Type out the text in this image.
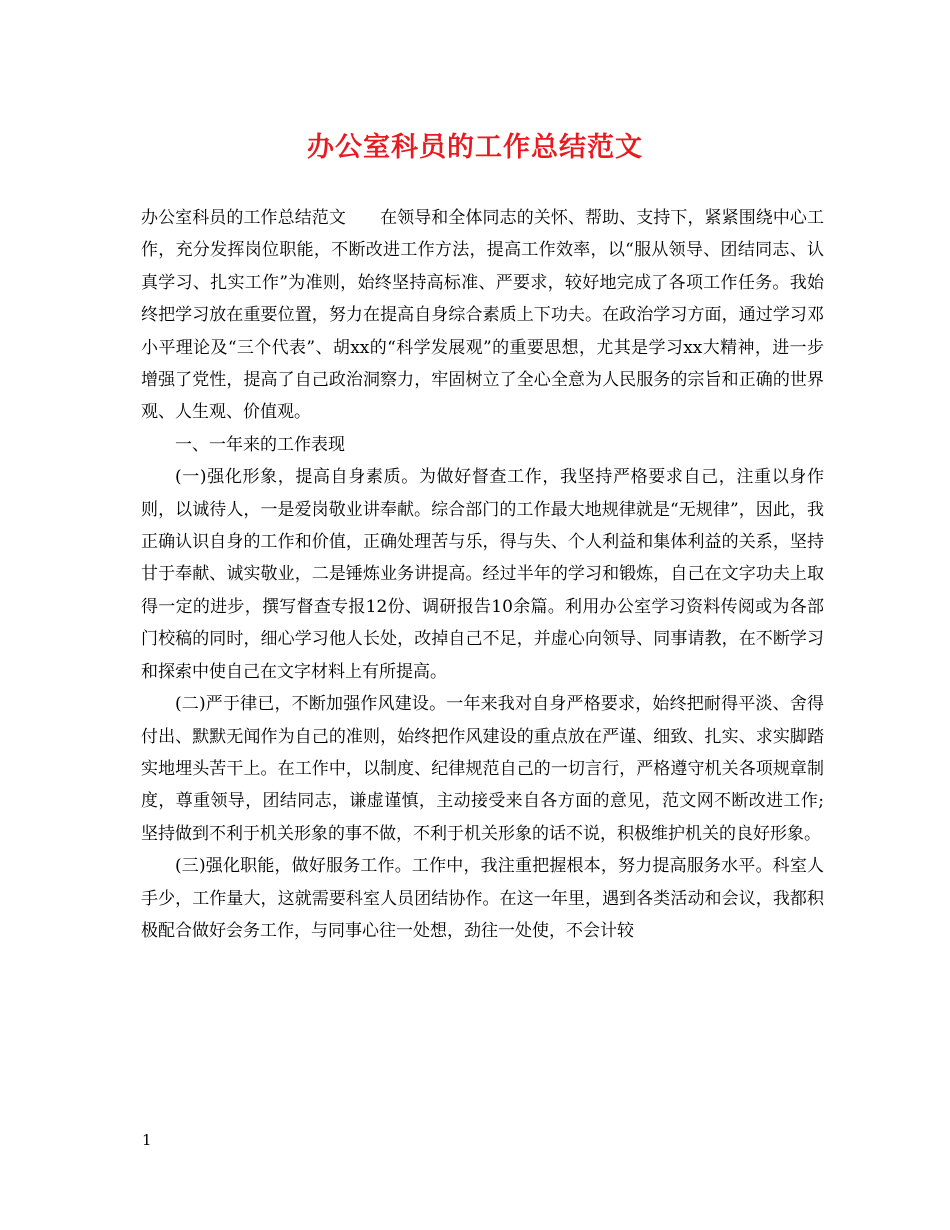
办公室科员的工作总结范文

办公室科员的工作总结范文　　在领导和全体同志的关怀、帮助、支持下，紧紧围绕中心工作，充分发挥岗位职能，不断改进工作方法，提高工作效率，以“服从领导、团结同志、认真学习、扎实工作”为准则，始终坚持高标准、严要求，较好地完成了各项工作任务。我始终把学习放在重要位置，努力在提高自身综合素质上下功夫。在政治学习方面，通过学习邓小平理论及“三个代表”、胡xx的“科学发展观”的重要思想，尤其是学习xx大精神，进一步增强了党性，提高了自己政治洞察力，牢固树立了全心全意为人民服务的宗旨和正确的世界观、人生观、价值观。

一、一年来的工作表现

(一)强化形象，提高自身素质。为做好督查工作，我坚持严格要求自己，注重以身作则，以诚待人，一是爱岗敬业讲奉献。综合部门的工作最大地规律就是“无规律”，因此，我正确认识自身的工作和价值，正确处理苦与乐，得与失、个人利益和集体利益的关系，坚持甘于奉献、诚实敬业，二是锤炼业务讲提高。经过半年的学习和锻炼，自己在文字功夫上取得一定的进步，撰写督查专报12份、调研报告10余篇。利用办公室学习资料传阅或为各部门校稿的同时，细心学习他人长处，改掉自己不足，并虚心向领导、同事请教，在不断学习和探索中使自己在文字材料上有所提高。

(二)严于律已，不断加强作风建设。一年来我对自身严格要求，始终把耐得平淡、舍得付出、默默无闻作为自己的准则，始终把作风建设的重点放在严谨、细致、扎实、求实脚踏实地埋头苦干上。在工作中，以制度、纪律规范自己的一切言行，严格遵守机关各项规章制度，尊重领导，团结同志，谦虚谨慎，主动接受来自各方面的意见，范文网不断改进工作;坚持做到不利于机关形象的事不做，不利于机关形象的话不说，积极维护机关的良好形象。

(三)强化职能，做好服务工作。工作中，我注重把握根本，努力提高服务水平。科室人手少，工作量大，这就需要科室人员团结协作。在这一年里，遇到各类活动和会议，我都积极配合做好会务工作，与同事心往一处想，劲往一处使，不会计较

1
